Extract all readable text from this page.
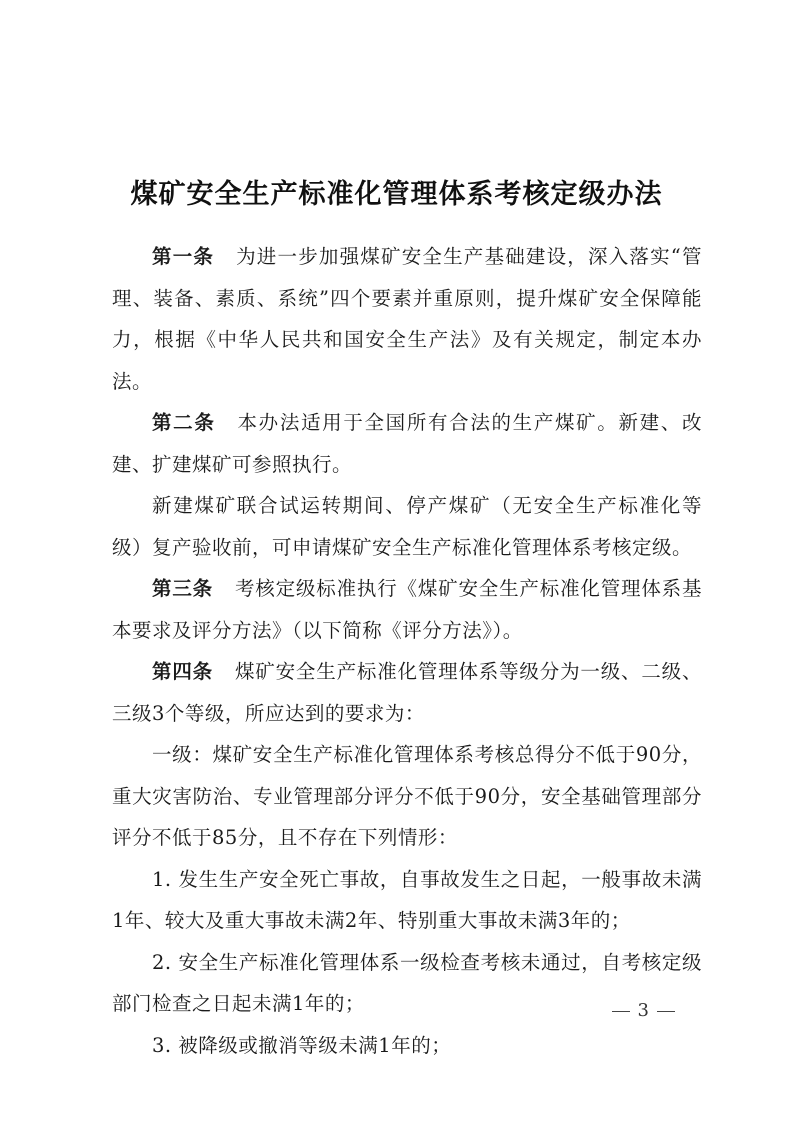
煤矿安全生产标准化管理体系考核定级办法

第一条 为进一步加强煤矿安全生产基础建设，深入落实“管理、装备、素质、系统”四个要素并重原则，提升煤矿安全保障能力，根据《中华人民共和国安全生产法》及有关规定，制定本办法。

第二条 本办法适用于全国所有合法的生产煤矿。新建、改建、扩建煤矿可参照执行。

新建煤矿联合试运转期间、停产煤矿（无安全生产标准化等级）复产验收前，可申请煤矿安全生产标准化管理体系考核定级。

第三条 考核定级标准执行《煤矿安全生产标准化管理体系基本要求及评分方法》（以下简称《评分方法》）。

第四条 煤矿安全生产标准化管理体系等级分为一级、二级、三级3个等级，所应达到的要求为：

一级：煤矿安全生产标准化管理体系考核总得分不低于90分，重大灾害防治、专业管理部分评分不低于90分，安全基础管理部分评分不低于85分，且不存在下列情形：

1. 发生生产安全死亡事故，自事故发生之日起，一般事故未满1年、较大及重大事故未满2年、特别重大事故未满3年的；

2. 安全生产标准化管理体系一级检查考核未通过，自考核定级部门检查之日起未满1年的；

3. 被降级或撤消等级未满1年的；

3
